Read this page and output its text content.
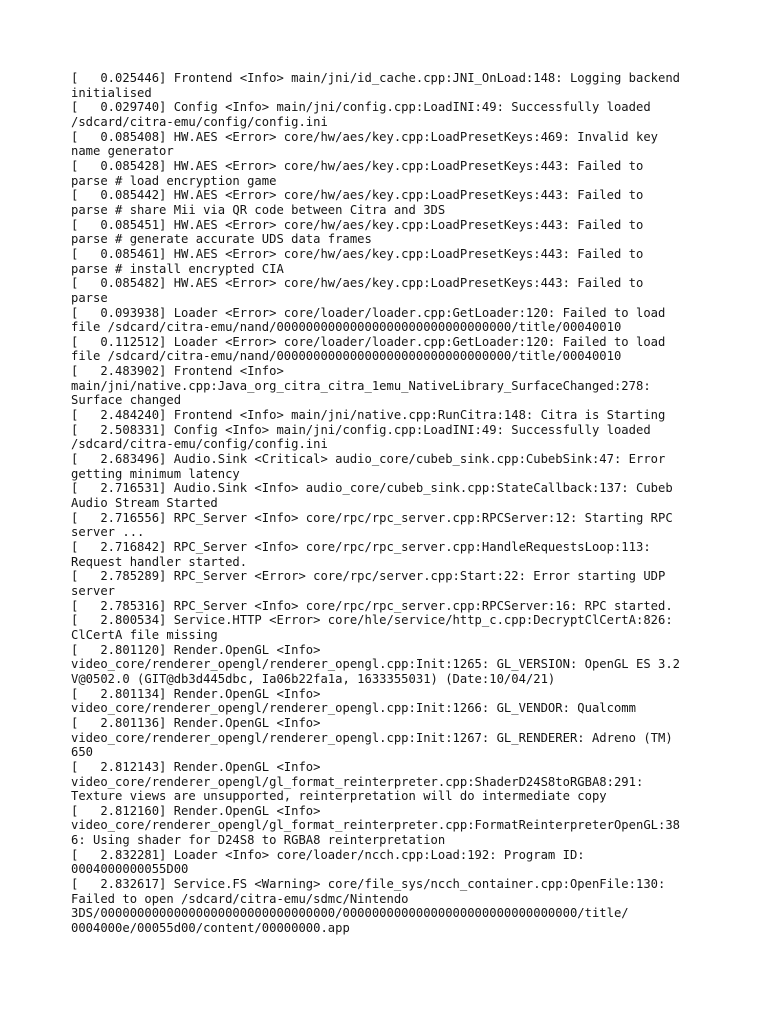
[   0.025446] Frontend <Info> main/jni/id_cache.cpp:JNI_OnLoad:148: Logging backend
initialised
[   0.029740] Config <Info> main/jni/config.cpp:LoadINI:49: Successfully loaded
/sdcard/citra-emu/config/config.ini
[   0.085408] HW.AES <Error> core/hw/aes/key.cpp:LoadPresetKeys:469: Invalid key
name generator
[   0.085428] HW.AES <Error> core/hw/aes/key.cpp:LoadPresetKeys:443: Failed to
parse # load encryption game
[   0.085442] HW.AES <Error> core/hw/aes/key.cpp:LoadPresetKeys:443: Failed to
parse # share Mii via QR code between Citra and 3DS
[   0.085451] HW.AES <Error> core/hw/aes/key.cpp:LoadPresetKeys:443: Failed to
parse # generate accurate UDS data frames
[   0.085461] HW.AES <Error> core/hw/aes/key.cpp:LoadPresetKeys:443: Failed to
parse # install encrypted CIA
[   0.085482] HW.AES <Error> core/hw/aes/key.cpp:LoadPresetKeys:443: Failed to
parse
[   0.093938] Loader <Error> core/loader/loader.cpp:GetLoader:120: Failed to load
file /sdcard/citra-emu/nand/00000000000000000000000000000000/title/00040010
[   0.112512] Loader <Error> core/loader/loader.cpp:GetLoader:120: Failed to load
file /sdcard/citra-emu/nand/00000000000000000000000000000000/title/00040010
[   2.483902] Frontend <Info>
main/jni/native.cpp:Java_org_citra_citra_1emu_NativeLibrary_SurfaceChanged:278:
Surface changed
[   2.484240] Frontend <Info> main/jni/native.cpp:RunCitra:148: Citra is Starting
[   2.508331] Config <Info> main/jni/config.cpp:LoadINI:49: Successfully loaded
/sdcard/citra-emu/config/config.ini
[   2.683496] Audio.Sink <Critical> audio_core/cubeb_sink.cpp:CubebSink:47: Error
getting minimum latency
[   2.716531] Audio.Sink <Info> audio_core/cubeb_sink.cpp:StateCallback:137: Cubeb
Audio Stream Started
[   2.716556] RPC_Server <Info> core/rpc/rpc_server.cpp:RPCServer:12: Starting RPC
server ...
[   2.716842] RPC_Server <Info> core/rpc/rpc_server.cpp:HandleRequestsLoop:113:
Request handler started.
[   2.785289] RPC_Server <Error> core/rpc/server.cpp:Start:22: Error starting UDP
server
[   2.785316] RPC_Server <Info> core/rpc/rpc_server.cpp:RPCServer:16: RPC started.
[   2.800534] Service.HTTP <Error> core/hle/service/http_c.cpp:DecryptClCertA:826:
ClCertA file missing
[   2.801120] Render.OpenGL <Info>
video_core/renderer_opengl/renderer_opengl.cpp:Init:1265: GL_VERSION: OpenGL ES 3.2
V@0502.0 (GIT@db3d445dbc, Ia06b22fa1a, 1633355031) (Date:10/04/21)
[   2.801134] Render.OpenGL <Info>
video_core/renderer_opengl/renderer_opengl.cpp:Init:1266: GL_VENDOR: Qualcomm
[   2.801136] Render.OpenGL <Info>
video_core/renderer_opengl/renderer_opengl.cpp:Init:1267: GL_RENDERER: Adreno (TM)
650
[   2.812143] Render.OpenGL <Info>
video_core/renderer_opengl/gl_format_reinterpreter.cpp:ShaderD24S8toRGBA8:291:
Texture views are unsupported, reinterpretation will do intermediate copy
[   2.812160] Render.OpenGL <Info>
video_core/renderer_opengl/gl_format_reinterpreter.cpp:FormatReinterpreterOpenGL:38
6: Using shader for D24S8 to RGBA8 reinterpretation
[   2.832281] Loader <Info> core/loader/ncch.cpp:Load:192: Program ID:
0004000000055D00
[   2.832617] Service.FS <Warning> core/file_sys/ncch_container.cpp:OpenFile:130:
Failed to open /sdcard/citra-emu/sdmc/Nintendo
3DS/00000000000000000000000000000000/00000000000000000000000000000000/title/
0004000e/00055d00/content/00000000.app
